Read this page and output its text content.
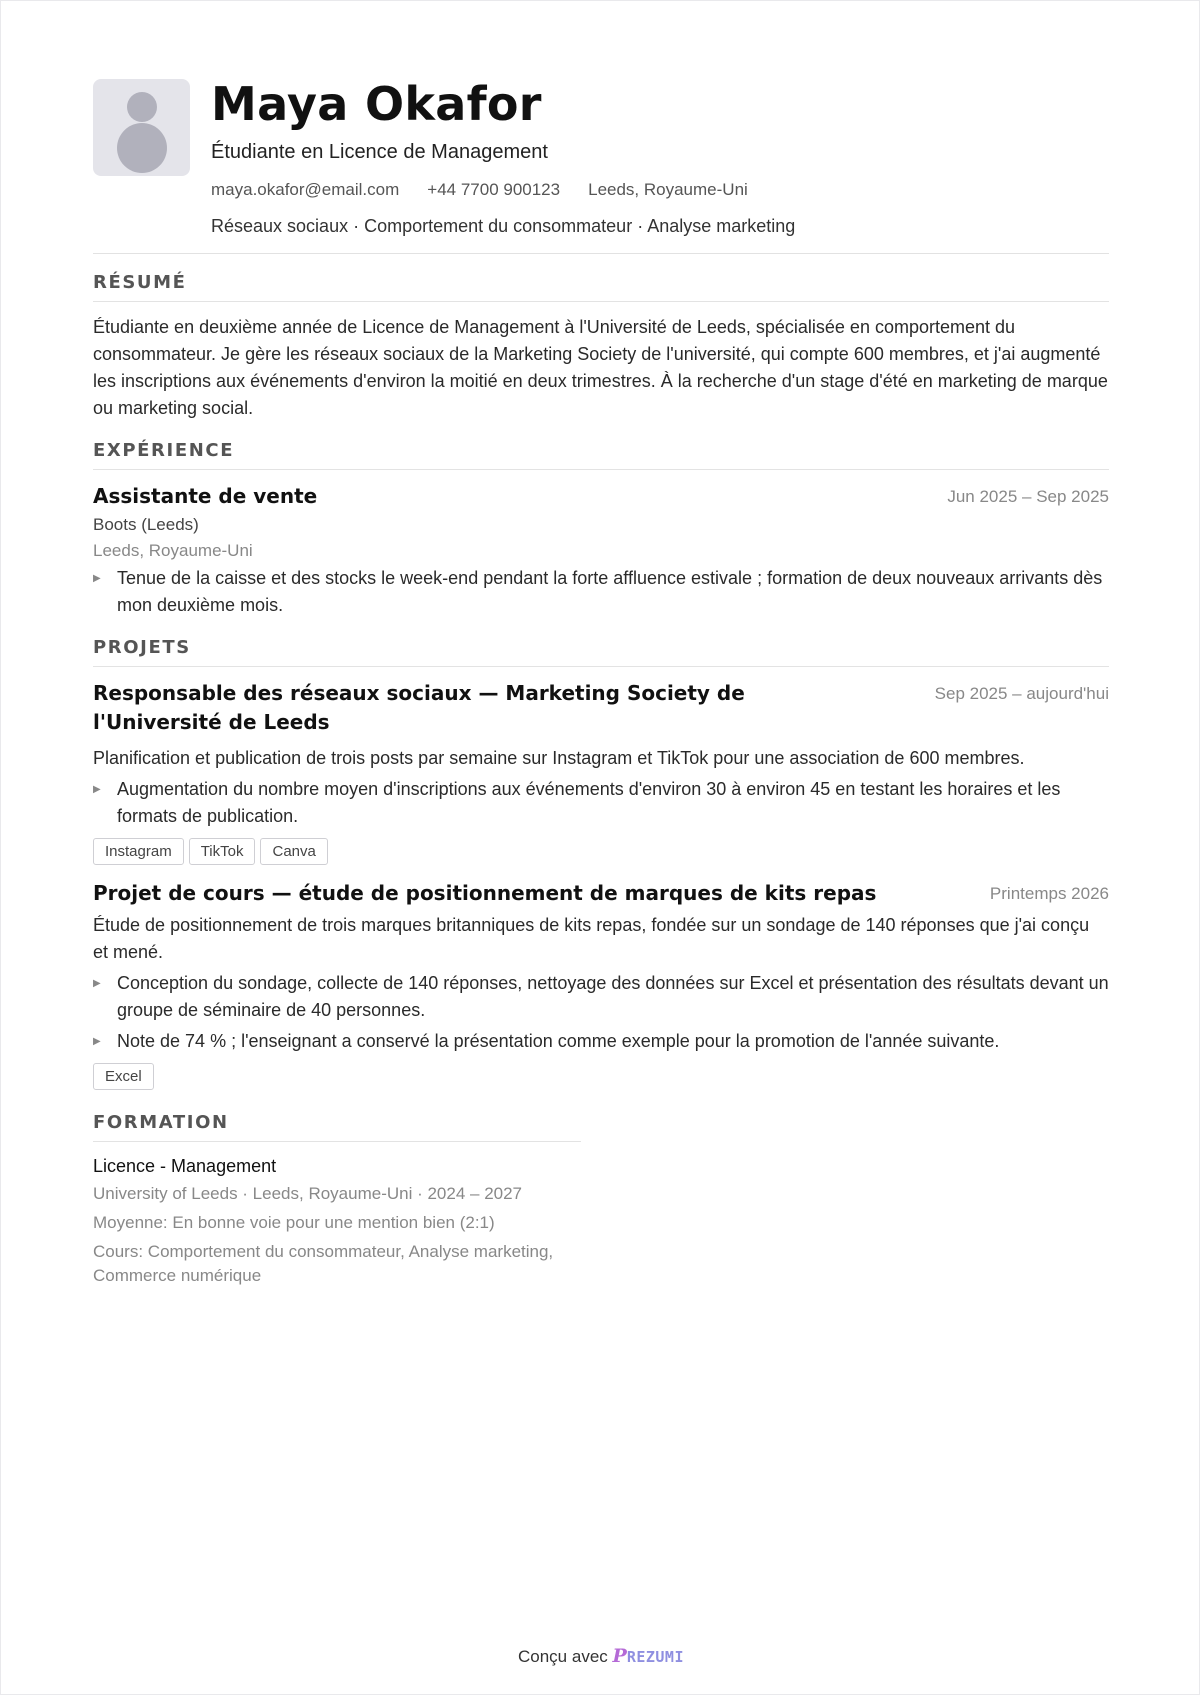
Maya Okafor
Étudiante en Licence de Management
maya.okafor@email.com +44 7700 900123 Leeds, Royaume-Uni
Réseaux sociaux · Comportement du consommateur · Analyse marketing
RÉSUMÉ
Étudiante en deuxième année de Licence de Management à l'Université de Leeds, spécialisée en comportement du consommateur. Je gère les réseaux sociaux de la Marketing Society de l'université, qui compte 600 membres, et j'ai augmenté les inscriptions aux événements d'environ la moitié en deux trimestres. À la recherche d'un stage d'été en marketing de marque ou marketing social.
EXPÉRIENCE
Assistante de vente	Jun 2025 – Sep 2025
Boots (Leeds)
Leeds, Royaume-Uni
▶ Tenue de la caisse et des stocks le week-end pendant la forte affluence estivale ; formation de deux nouveaux arrivants dès mon deuxième mois.
PROJETS
Responsable des réseaux sociaux — Marketing Society de l'Université de Leeds
Sep 2025 – aujourd'hui
Planification et publication de trois posts par semaine sur Instagram et TikTok pour une association de 600 membres.
▶ Augmentation du nombre moyen d'inscriptions aux événements d'environ 30 à environ 45 en testant les horaires et les formats de publication.
Instagram	TikTok	Canva
Projet de cours — étude de positionnement de marques de kits repas	Printemps 2026
Étude de positionnement de trois marques britanniques de kits repas, fondée sur un sondage de 140 réponses que j'ai conçu et mené.
▶ Conception du sondage, collecte de 140 réponses, nettoyage des données sur Excel et présentation des résultats devant un groupe de séminaire de 40 personnes.
▶ Note de 74 % ; l'enseignant a conservé la présentation comme exemple pour la promotion de l'année suivante.
Excel
FORMATION
Licence - Management
University of Leeds · Leeds, Royaume-Uni · 2024 – 2027
Moyenne: En bonne voie pour une mention bien (2:1)
Cours: Comportement du consommateur, Analyse marketing, Commerce numérique
Conçu avec PREZUMI
